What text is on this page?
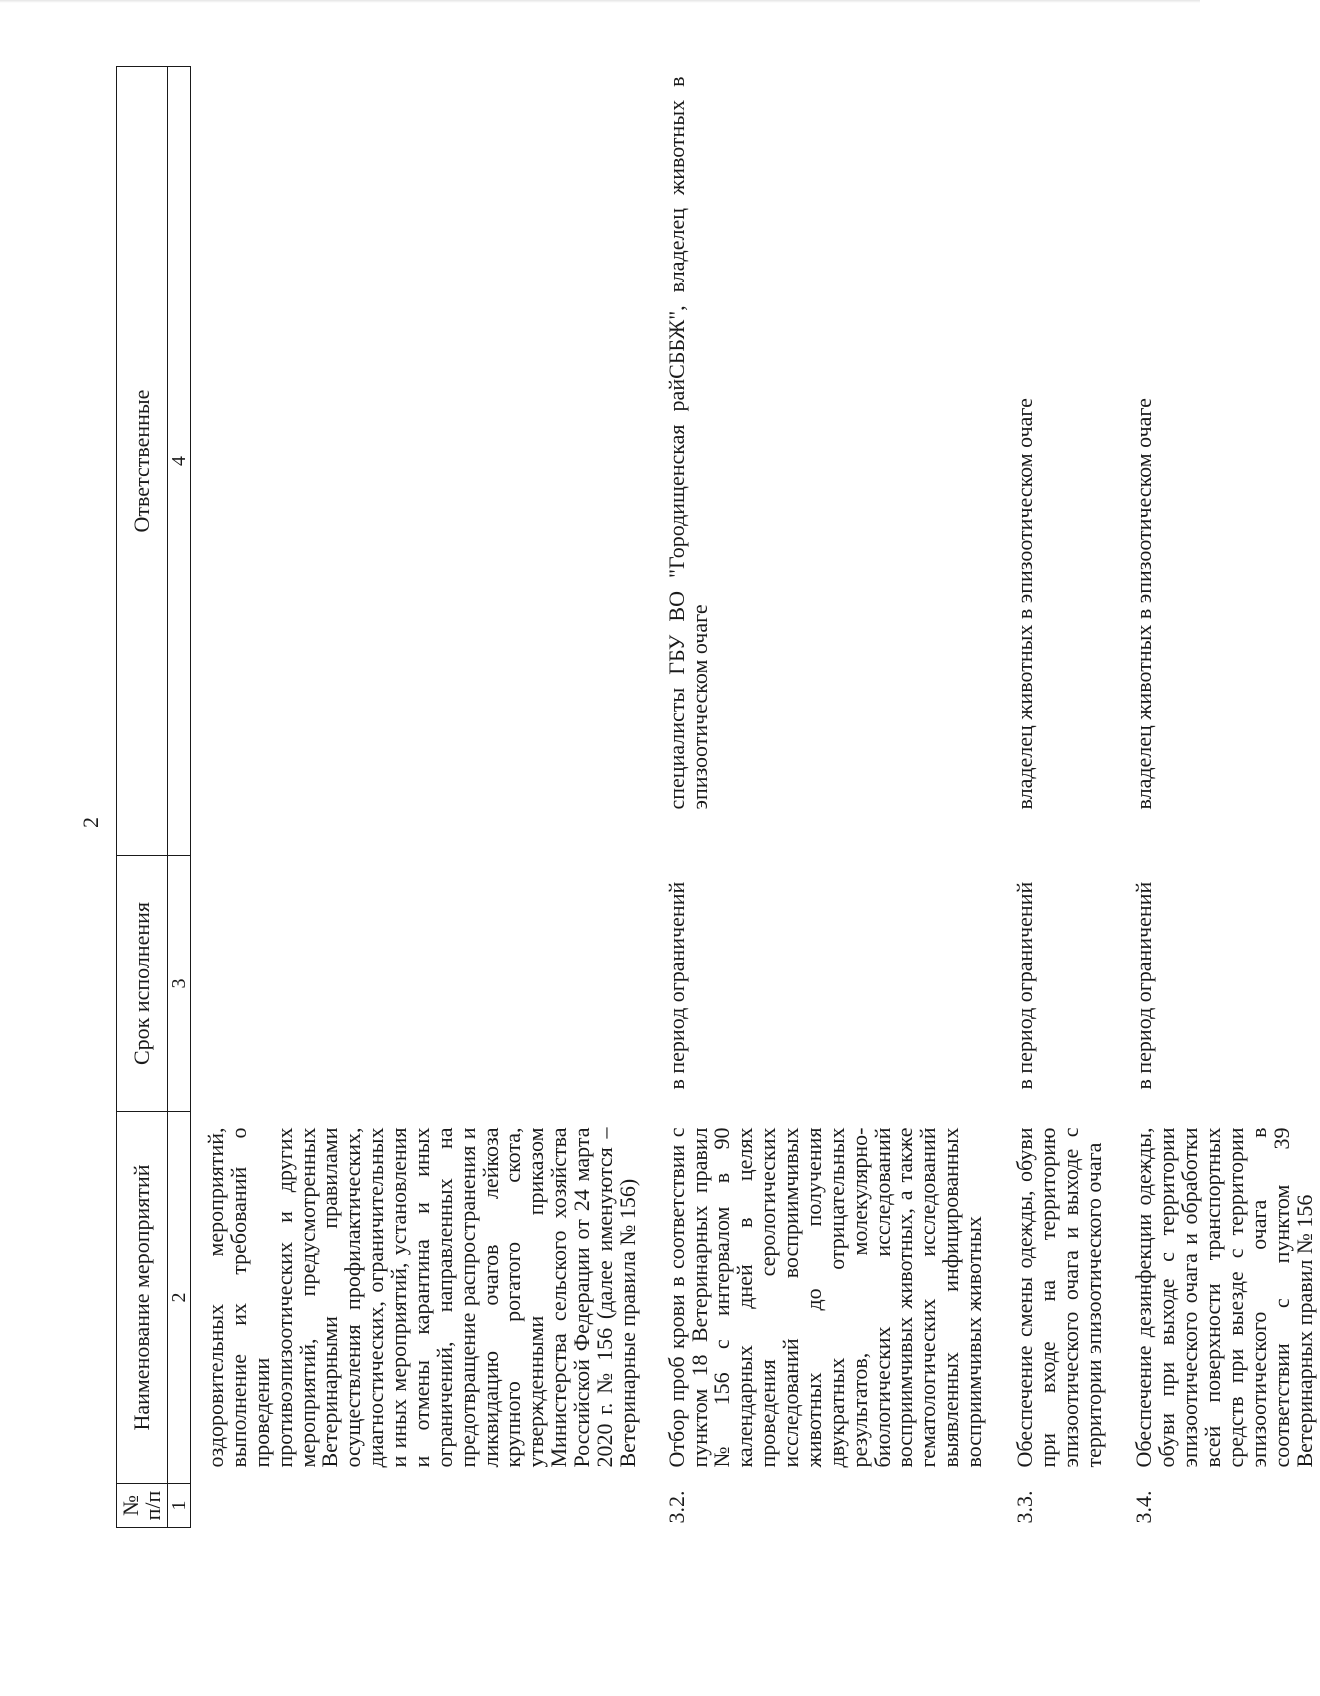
2
№ п/п	Наименование мероприятий	Срок исполнения	Ответственные
1	2	3	4
	оздоровительных мероприятий, выполнение их требований о проведении противоэпизоотических и других мероприятий, предусмотренных Ветеринарными правилами осуществления профилактических, диагностических, ограничительных и иных мероприятий, установления и отмены карантина и иных ограничений, направленных на предотвращение распространения и ликвидацию очагов лейкоза крупного рогатого скота, утвержденными приказом Министерства сельского хозяйства Российской Федерации от 24 марта 2020 г. № 156 (далее именуются – Ветеринарные правила № 156)		
3.2.	Отбор проб крови в соответствии с пунктом 18 Ветеринарных правил № 156 с интервалом в 90 календарных дней в целях проведения серологических исследований восприимчивых животных до получения двукратных отрицательных результатов, молекулярно-биологических исследований восприимчивых животных, а также гематологических исследований выявленных инфицированных восприимчивых животных	в период ограничений	специалисты ГБУ ВО "Городищенская райСББЖ", владелец животных в эпизоотическом очаге
3.3.	Обеспечение смены одежды, обуви при входе на территорию эпизоотического очага и выходе с территории эпизоотического очага	в период ограничений	владелец животных в эпизоотическом очаге
3.4.	Обеспечение дезинфекции одежды, обуви при выходе с территории эпизоотического очага и обработки всей поверхности транспортных средств при выезде с территории эпизоотического очага в соответствии с пунктом 39 Ветеринарных правил № 156	в период ограничений	владелец животных в эпизоотическом очаге
